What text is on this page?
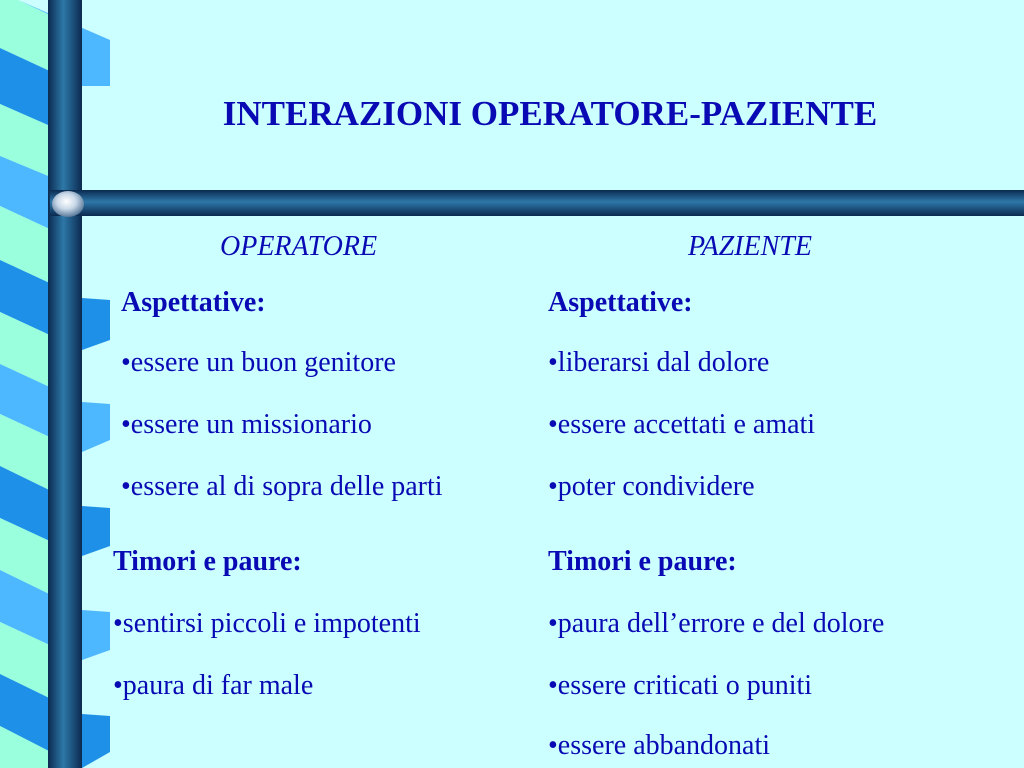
INTERAZIONI OPERATORE-PAZIENTE
OPERATORE	PAZIENTE
Aspettative:
•essere un buon genitore
•essere un missionario
•essere al di sopra delle parti
Timori e paure:
•sentirsi piccoli e impotenti
•paura di far male
Aspettative:
•liberarsi dal dolore
•essere accettati e amati
•poter condividere
Timori e paure:
•paura dell’errore e del dolore
•essere criticati o puniti
•essere abbandonati
